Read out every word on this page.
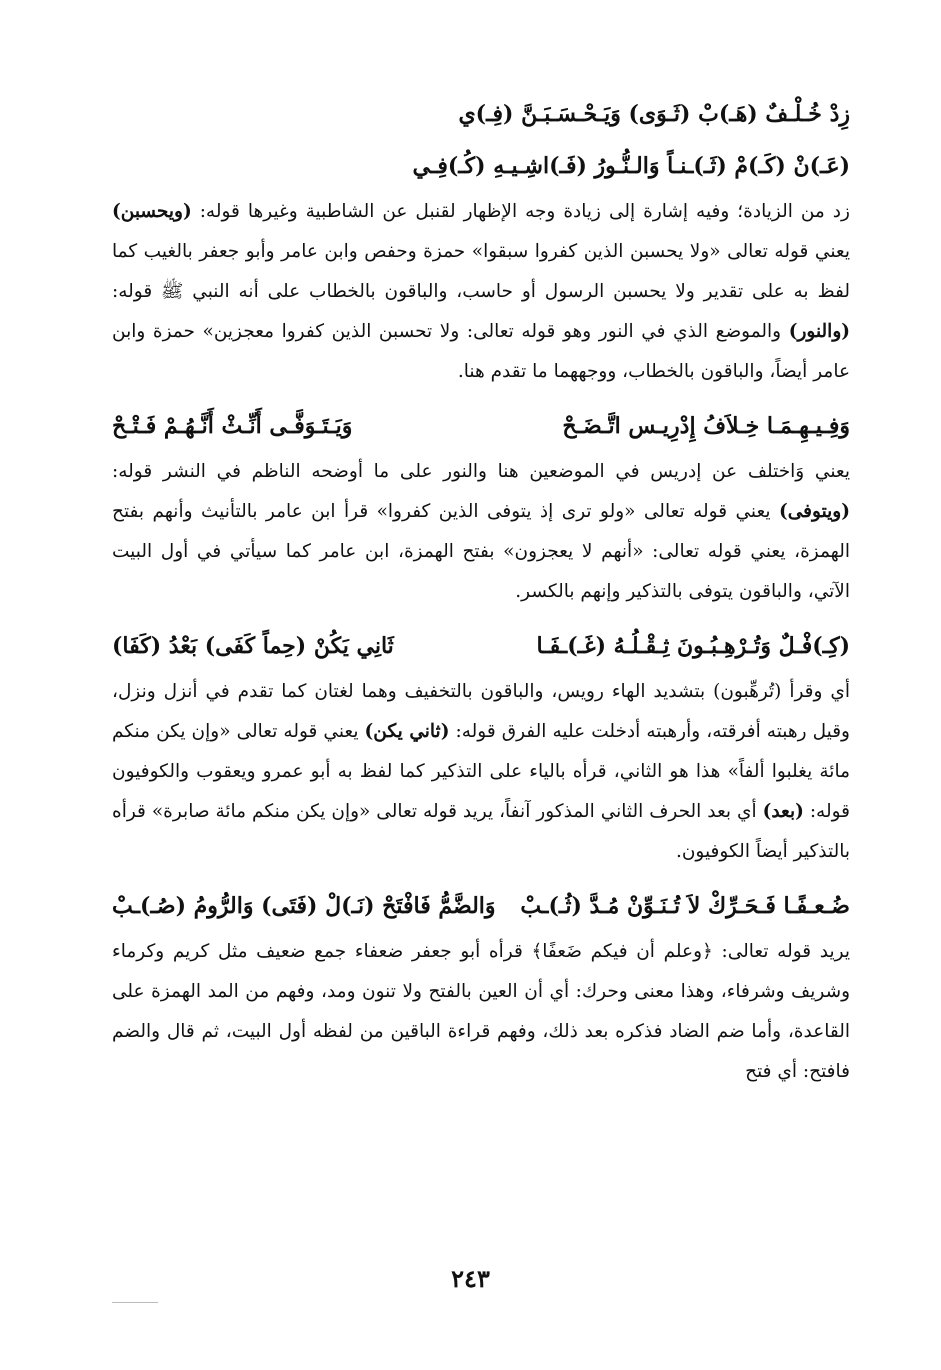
زِدْ خُـلْـفٌ (هَـ)بْ (ثَـوَى) وَيَـحْـسَـبَـنَّ (فِـ)ي
(عَـ)نْ (كَـ)مْ (ثَـ)ـنـاً وَالـنُّـورُ (فَـ)اشِـيـهِ (كُـ)فِـي

زد من الزيادة؛ وفيه إشارة إلى زيادة وجه الإظهار لقنبل عن الشاطبية وغيرها قوله: (ويحسبن) يعني قوله تعالى «ولا يحسبن الذين كفروا سبقوا» حمزة وحفص وابن عامر وأبو جعفر بالغيب كما لفظ به على تقدير ولا يحسبن الرسول أو حاسب، والباقون بالخطاب على أنه النبي ﷺ قوله: (والنور) والموضع الذي في النور وهو قوله تعالى: ولا تحسبن الذين كفروا معجزين» حمزة وابن عامر أيضاً، والباقون بالخطاب، ووجههما ما تقدم هنا.

وَفِـيـهِـمَـا خِـلاَفُ إِدْرِيـس اتَّـضَـحْ
وَيَـتَـوَفَّـى أَنِّـثْ أَنَّـهُـمْ فَـتْـحْ

يعني وَاختلف عن إدريس في الموضعين هنا والنور على ما أوضحه الناظم في النشر قوله: (ويتوفى) يعني قوله تعالى «ولو ترى إذ يتوفى الذين كفروا» قرأ ابن عامر بالتأنيث وأنهم بفتح الهمزة، يعني قوله تعالى: «أنهم لا يعجزون» بفتح الهمزة، ابن عامر كما سيأتي في أول البيت الآتي، والباقون يتوفى بالتذكير وإنهم بالكسر.

(كِـ)فْـلٌ وَتُـرْهِـبُـونَ ثِـقْـلُـهُ (غَـ)ـفَـا
ثَانِي يَكُنْ (حِماً كَفَى) بَعْدُ (كَفَا)

أي وقرأ (تُرهِّبون) بتشديد الهاء رويس، والباقون بالتخفيف وهما لغتان كما تقدم في أنزل ونزل، وقيل رهبته أفرقته، وأرهبته أدخلت عليه الفرق قوله: (ثاني يكن) يعني قوله تعالى «وإن يكن منكم مائة يغلبوا ألفاً» هذا هو الثاني، قرأه بالياء على التذكير كما لفظ به أبو عمرو ويعقوب والكوفيون قوله: (بعد) أي بعد الحرف الثاني المذكور آنفاً، يريد قوله تعالى «وإن يكن منكم مائة صابرة» قرأه بالتذكير أيضاً الكوفيون.

ضُـعـفًـا فَـحَـرِّكْ لاَ تُـنَـوِّنْ مُـدَّ (ثُـ)ـبْ
وَالضَّمُّ فَافْتَحْ (نَـ)لْ (فَتَى) وَالرُّومُ (صُـ)ـبْ

يريد قوله تعالى: ﴿وعلم أن فيكم ضَعفًا﴾ قرأه أبو جعفر ضعفاء جمع ضعيف مثل كريم وكرماء وشريف وشرفاء، وهذا معنى وحرك: أي أن العين بالفتح ولا تنون ومد، وفهم من المد الهمزة على القاعدة، وأما ضم الضاد فذكره بعد ذلك، وفهم قراءة الباقين من لفظه أول البيت، ثم قال والضم فافتح: أي فتح

٢٤٣
